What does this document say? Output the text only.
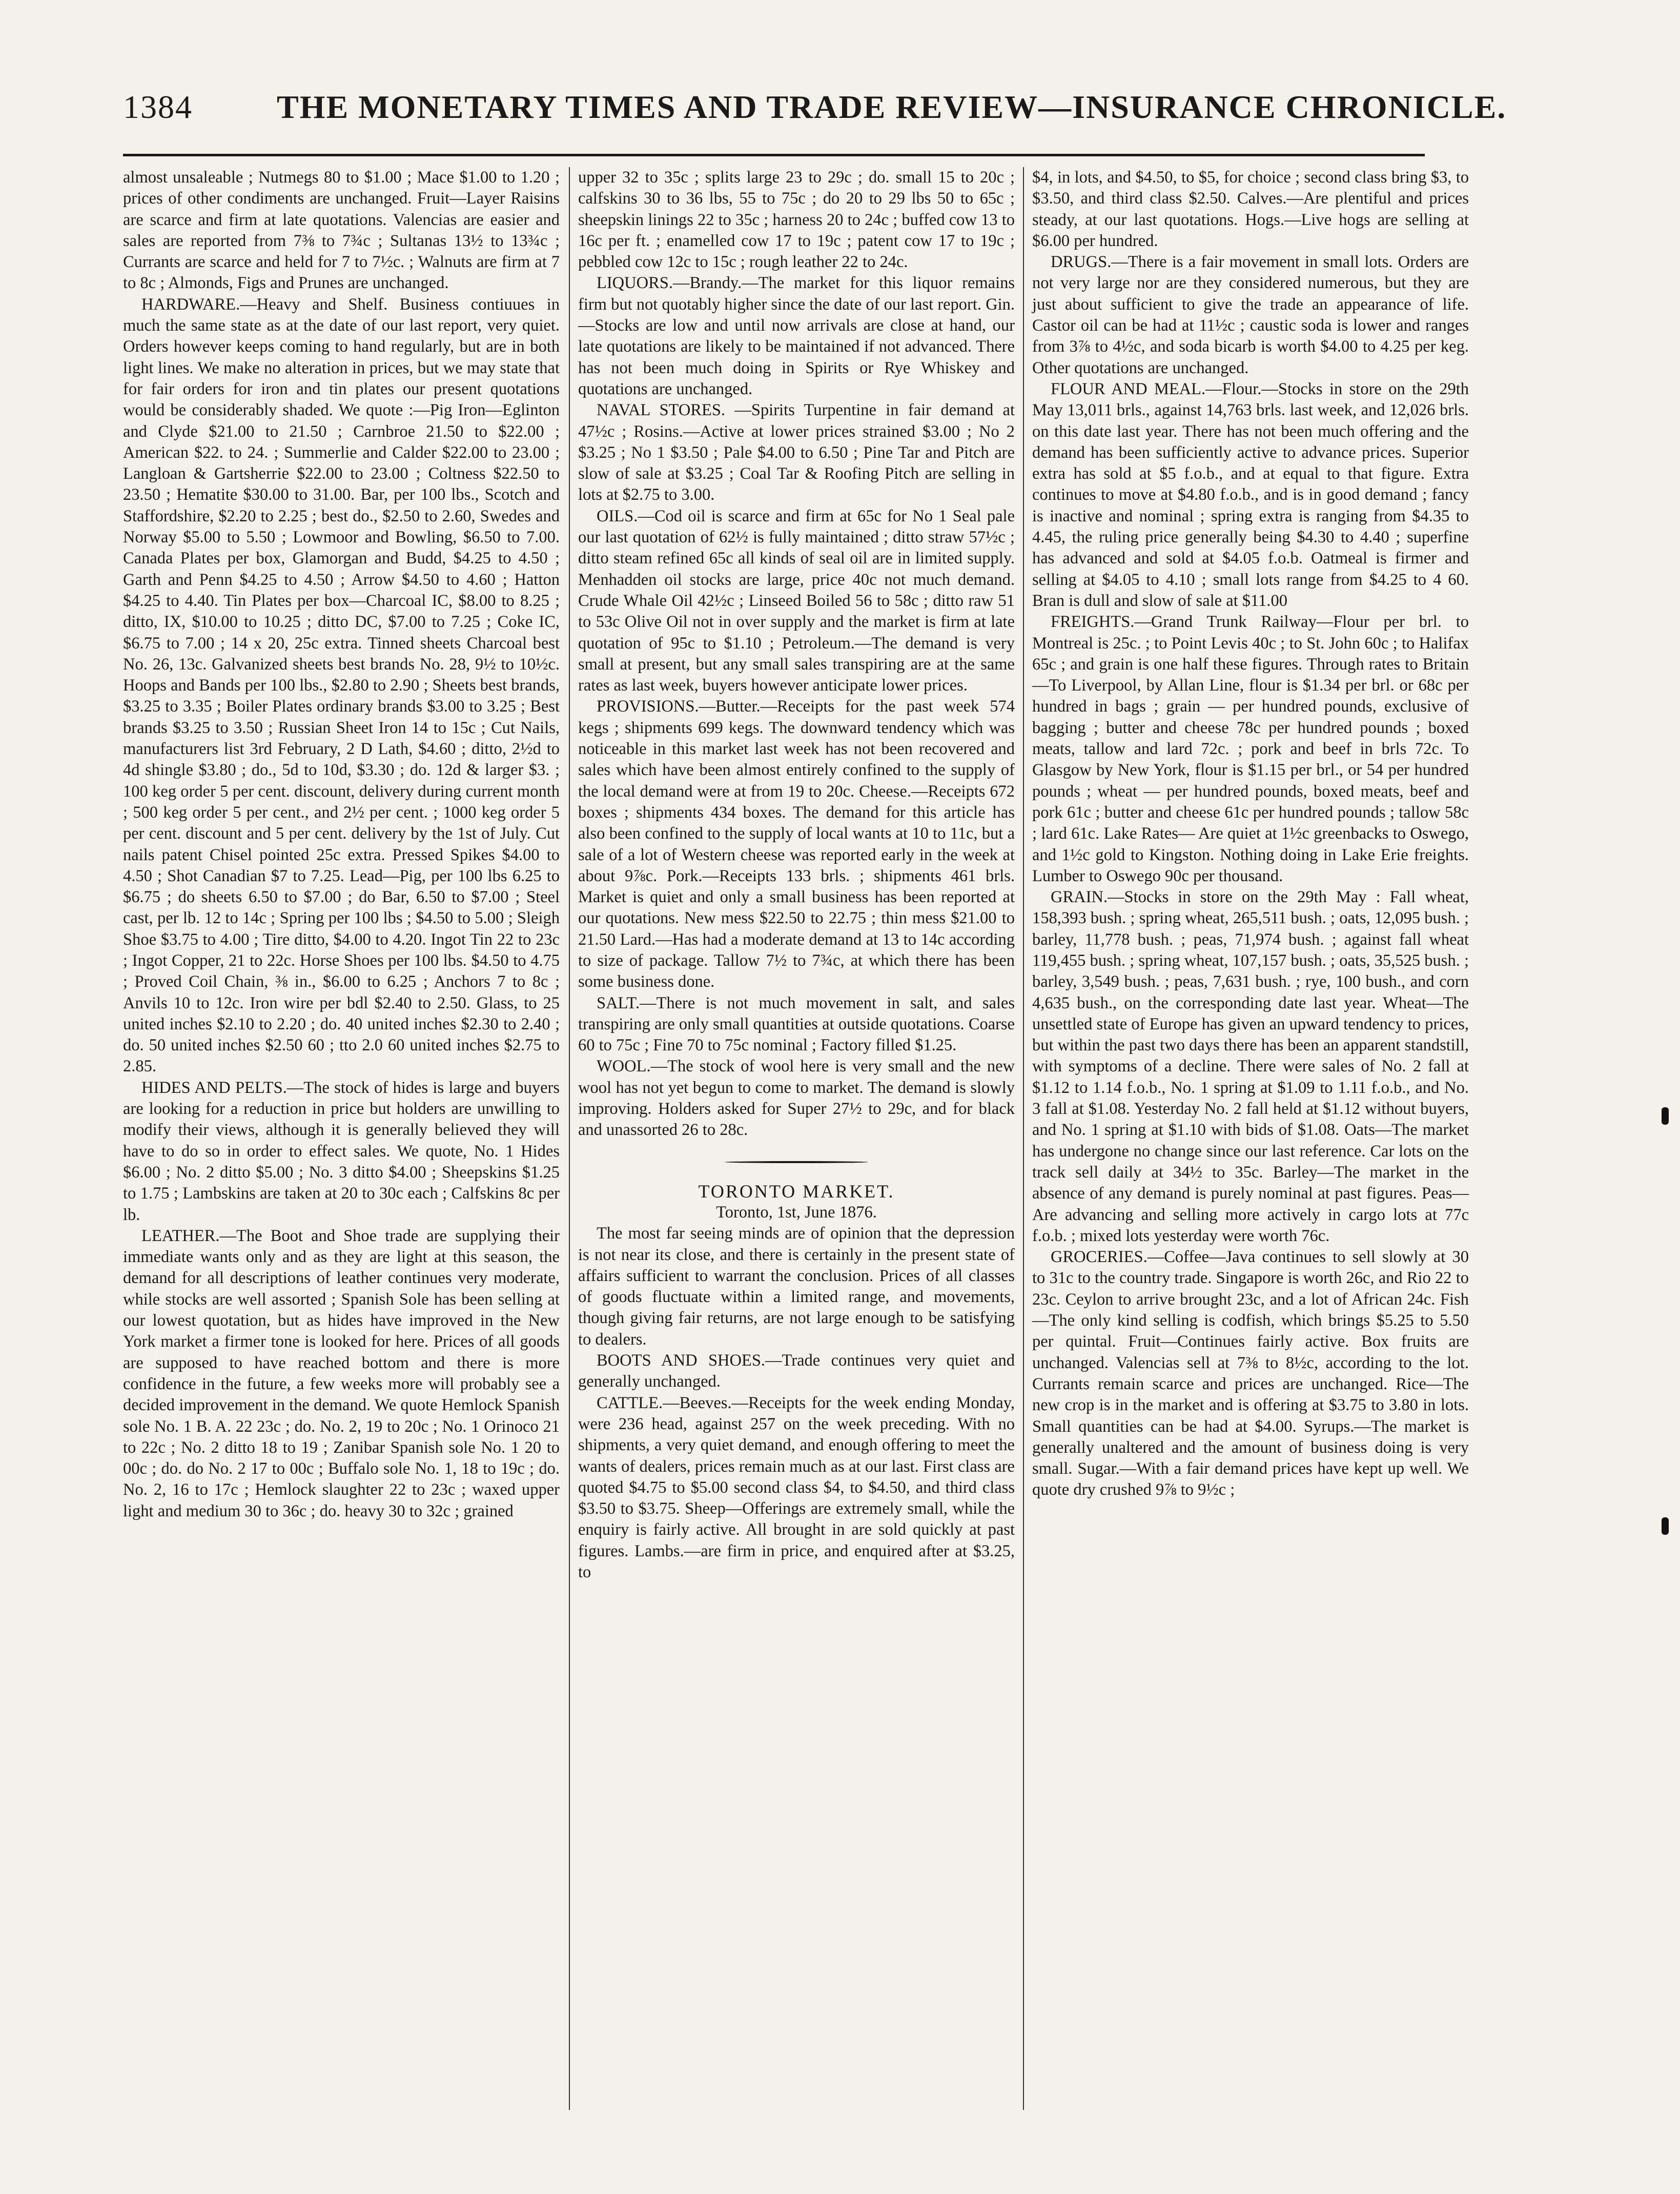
1384	THE MONETARY TIMES AND TRADE REVIEW—INSURANCE CHRONICLE.

almost unsaleable ; Nutmegs 80 to $1.00 ; Mace $1.00 to 1.20 ; prices of other condiments are unchanged. Fruit—Layer Raisins are scarce and firm at late quotations. Valencias are easier and sales are reported from 7⅜ to 7¾c ; Sultanas 13½ to 13¾c ; Currants are scarce and held for 7 to 7½c. ; Walnuts are firm at 7 to 8c ; Almonds, Figs and Prunes are unchanged.

HARDWARE.—Heavy and Shelf. Business contiuues in much the same state as at the date of our last report, very quiet. Orders however keeps coming to hand regularly, but are in both light lines. We make no alteration in prices, but we may state that for fair orders for iron and tin plates our present quotations would be considerably shaded. We quote :—Pig Iron—Eglinton and Clyde $21.00 to 21.50 ; Carnbroe 21.50 to $22.00 ; American $22. to 24. ; Summerlie and Calder $22.00 to 23.00 ; Langloan & Gartsherrie $22.00 to 23.00 ; Coltness $22.50 to 23.50 ; Hematite $30.00 to 31.00. Bar, per 100 lbs., Scotch and Staffordshire, $2.20 to 2.25 ; best do., $2.50 to 2.60, Swedes and Norway $5.00 to 5.50 ; Lowmoor and Bowling, $6.50 to 7.00. Canada Plates per box, Glamorgan and Budd, $4.25 to 4.50 ; Garth and Penn $4.25 to 4.50 ; Arrow $4.50 to 4.60 ; Hatton $4.25 to 4.40. Tin Plates per box—Charcoal IC, $8.00 to 8.25 ; ditto, IX, $10.00 to 10.25 ; ditto DC, $7.00 to 7.25 ; Coke IC, $6.75 to 7.00 ; 14 x 20, 25c extra. Tinned sheets Charcoal best No. 26, 13c. Galvanized sheets best brands No. 28, 9½ to 10½c. Hoops and Bands per 100 lbs., $2.80 to 2.90 ; Sheets best brands, $3.25 to 3.35 ; Boiler Plates ordinary brands $3.00 to 3.25 ; Best brands $3.25 to 3.50 ; Russian Sheet Iron 14 to 15c ; Cut Nails, manufacturers list 3rd February, 2 D Lath, $4.60 ; ditto, 2½d to 4d shingle $3.80 ; do., 5d to 10d, $3.30 ; do. 12d & larger $3. ; 100 keg order 5 per cent. discount, delivery during current month ; 500 keg order 5 per cent., and 2½ per cent. ; 1000 keg order 5 per cent. discount and 5 per cent. delivery by the 1st of July. Cut nails patent Chisel pointed 25c extra. Pressed Spikes $4.00 to 4.50 ; Shot Canadian $7 to 7.25. Lead—Pig, per 100 lbs 6.25 to $6.75 ; do sheets 6.50 to $7.00 ; do Bar, 6.50 to $7.00 ; Steel cast, per lb. 12 to 14c ; Spring per 100 lbs ; $4.50 to 5.00 ; Sleigh Shoe $3.75 to 4.00 ; Tire ditto, $4.00 to 4.20. Ingot Tin 22 to 23c ; Ingot Copper, 21 to 22c. Horse Shoes per 100 lbs. $4.50 to 4.75 ; Proved Coil Chain, ⅜ in., $6.00 to 6.25 ; Anchors 7 to 8c ; Anvils 10 to 12c. Iron wire per bdl $2.40 to 2.50. Glass, to 25 united inches $2.10 to 2.20 ; do. 40 united inches $2.30 to 2.40 ; do. 50 united inches $2.50 60 ; tto 2.0 60 united inches $2.75 to 2.85.

HIDES AND PELTS.—The stock of hides is large and buyers are looking for a reduction in price but holders are unwilling to modify their views, although it is generally believed they will have to do so in order to effect sales. We quote, No. 1 Hides $6.00 ; No. 2 ditto $5.00 ; No. 3 ditto $4.00 ; Sheepskins $1.25 to 1.75 ; Lambskins are taken at 20 to 30c each ; Calfskins 8c per lb.

LEATHER.—The Boot and Shoe trade are supplying their immediate wants only and as they are light at this season, the demand for all descriptions of leather continues very moderate, while stocks are well assorted ; Spanish Sole has been selling at our lowest quotation, but as hides have improved in the New York market a firmer tone is looked for here. Prices of all goods are supposed to have reached bottom and there is more confidence in the future, a few weeks more will probably see a decided improvement in the demand. We quote Hemlock Spanish sole No. 1 B. A. 22 23c ; do. No. 2, 19 to 20c ; No. 1 Orinoco 21 to 22c ; No. 2 ditto 18 to 19 ; Zanibar Spanish sole No. 1 20 to 00c ; do. do No. 2 17 to 00c ; Buffalo sole No. 1, 18 to 19c ; do. No. 2, 16 to 17c ; Hemlock slaughter 22 to 23c ; waxed upper light and medium 30 to 36c ; do. heavy 30 to 32c ; grained

upper 32 to 35c ; splits large 23 to 29c ; do. small 15 to 20c ; calfskins 30 to 36 lbs, 55 to 75c ; do 20 to 29 lbs 50 to 65c ; sheepskin linings 22 to 35c ; harness 20 to 24c ; buffed cow 13 to 16c per ft. ; enamelled cow 17 to 19c ; patent cow 17 to 19c ; pebbled cow 12c to 15c ; rough leather 22 to 24c.

LIQUORS.—Brandy.—The market for this liquor remains firm but not quotably higher since the date of our last report. Gin.—Stocks are low and until now arrivals are close at hand, our late quotations are likely to be maintained if not advanced. There has not been much doing in Spirits or Rye Whiskey and quotations are unchanged.

NAVAL STORES. —Spirits Turpentine in fair demand at 47½c ; Rosins.—Active at lower prices strained $3.00 ; No 2 $3.25 ; No 1 $3.50 ; Pale $4.00 to 6.50 ; Pine Tar and Pitch are slow of sale at $3.25 ; Coal Tar & Roofing Pitch are selling in lots at $2.75 to 3.00.

OILS.—Cod oil is scarce and firm at 65c for No 1 Seal pale our last quotation of 62½ is fully maintained ; ditto straw 57½c ; ditto steam refined 65c all kinds of seal oil are in limited supply. Menhadden oil stocks are large, price 40c not much demand. Crude Whale Oil 42½c ; Linseed Boiled 56 to 58c ; ditto raw 51 to 53c Olive Oil not in over supply and the market is firm at late quotation of 95c to $1.10 ; Petroleum.—The demand is very small at present, but any small sales transpiring are at the same rates as last week, buyers however anticipate lower prices.

PROVISIONS.—Butter.—Receipts for the past week 574 kegs ; shipments 699 kegs. The downward tendency which was noticeable in this market last week has not been recovered and sales which have been almost entirely confined to the supply of the local demand were at from 19 to 20c. Cheese.—Receipts 672 boxes ; shipments 434 boxes. The demand for this article has also been confined to the supply of local wants at 10 to 11c, but a sale of a lot of Western cheese was reported early in the week at about 9⅞c. Pork.—Receipts 133 brls. ; shipments 461 brls. Market is quiet and only a small business has been reported at our quotations. New mess $22.50 to 22.75 ; thin mess $21.00 to 21.50 Lard.—Has had a moderate demand at 13 to 14c according to size of package. Tallow 7½ to 7¾c, at which there has been some business done.

SALT.—There is not much movement in salt, and sales transpiring are only small quantities at outside quotations. Coarse 60 to 75c ; Fine 70 to 75c nominal ; Factory filled $1.25.

WOOL.—The stock of wool here is very small and the new wool has not yet begun to come to market. The demand is slowly improving. Holders asked for Super 27½ to 29c, and for black and unassorted 26 to 28c.

TORONTO MARKET.

Toronto, 1st, June 1876.

The most far seeing minds are of opinion that the depression is not near its close, and there is certainly in the present state of affairs sufficient to warrant the conclusion. Prices of all classes of goods fluctuate within a limited range, and movements, though giving fair returns, are not large enough to be satisfying to dealers.

BOOTS AND SHOES.—Trade continues very quiet and generally unchanged.

CATTLE.—Beeves.—Receipts for the week ending Monday, were 236 head, against 257 on the week preceding. With no shipments, a very quiet demand, and enough offering to meet the wants of dealers, prices remain much as at our last. First class are quoted $4.75 to $5.00 second class $4, to $4.50, and third class $3.50 to $3.75. Sheep—Offerings are extremely small, while the enquiry is fairly active. All brought in are sold quickly at past figures. Lambs.—are firm in price, and enquired after at $3.25, to

$4, in lots, and $4.50, to $5, for choice ; second class bring $3, to $3.50, and third class $2.50. Calves.—Are plentiful and prices steady, at our last quotations. Hogs.—Live hogs are selling at $6.00 per hundred.

DRUGS.—There is a fair movement in small lots. Orders are not very large nor are they considered numerous, but they are just about sufficient to give the trade an appearance of life. Castor oil can be had at 11½c ; caustic soda is lower and ranges from 3⅞ to 4½c, and soda bicarb is worth $4.00 to 4.25 per keg. Other quotations are unchanged.

FLOUR AND MEAL.—Flour.—Stocks in store on the 29th May 13,011 brls., against 14,763 brls. last week, and 12,026 brls. on this date last year. There has not been much offering and the demand has been sufficiently active to advance prices. Superior extra has sold at $5 f.o.b., and at equal to that figure. Extra continues to move at $4.80 f.o.b., and is in good demand ; fancy is inactive and nominal ; spring extra is ranging from $4.35 to 4.45, the ruling price generally being $4.30 to 4.40 ; superfine has advanced and sold at $4.05 f.o.b. Oatmeal is firmer and selling at $4.05 to 4.10 ; small lots range from $4.25 to 4 60. Bran is dull and slow of sale at $11.00

FREIGHTS.—Grand Trunk Railway—Flour per brl. to Montreal is 25c. ; to Point Levis 40c ; to St. John 60c ; to Halifax 65c ; and grain is one half these figures. Through rates to Britain —To Liverpool, by Allan Line, flour is $1.34 per brl. or 68c per hundred in bags ; grain — per hundred pounds, exclusive of bagging ; butter and cheese 78c per hundred pounds ; boxed meats, tallow and lard 72c. ; pork and beef in brls 72c. To Glasgow by New York, flour is $1.15 per brl., or 54 per hundred pounds ; wheat — per hundred pounds, boxed meats, beef and pork 61c ; butter and cheese 61c per hundred pounds ; tallow 58c ; lard 61c. Lake Rates— Are quiet at 1½c greenbacks to Oswego, and 1½c gold to Kingston. Nothing doing in Lake Erie freights. Lumber to Oswego 90c per thousand.

GRAIN.—Stocks in store on the 29th May : Fall wheat, 158,393 bush. ; spring wheat, 265,511 bush. ; oats, 12,095 bush. ; barley, 11,778 bush. ; peas, 71,974 bush. ; against fall wheat 119,455 bush. ; spring wheat, 107,157 bush. ; oats, 35,525 bush. ; barley, 3,549 bush. ; peas, 7,631 bush. ; rye, 100 bush., and corn 4,635 bush., on the corresponding date last year. Wheat—The unsettled state of Europe has given an upward tendency to prices, but within the past two days there has been an apparent standstill, with symptoms of a decline. There were sales of No. 2 fall at $1.12 to 1.14 f.o.b., No. 1 spring at $1.09 to 1.11 f.o.b., and No. 3 fall at $1.08. Yesterday No. 2 fall held at $1.12 without buyers, and No. 1 spring at $1.10 with bids of $1.08. Oats—The market has undergone no change since our last reference. Car lots on the track sell daily at 34½ to 35c. Barley—The market in the absence of any demand is purely nominal at past figures. Peas—Are advancing and selling more actively in cargo lots at 77c f.o.b. ; mixed lots yesterday were worth 76c.

GROCERIES.—Coffee—Java continues to sell slowly at 30 to 31c to the country trade. Singapore is worth 26c, and Rio 22 to 23c. Ceylon to arrive brought 23c, and a lot of African 24c. Fish—The only kind selling is codfish, which brings $5.25 to 5.50 per quintal. Fruit—Continues fairly active. Box fruits are unchanged. Valencias sell at 7⅜ to 8½c, according to the lot. Currants remain scarce and prices are unchanged. Rice—The new crop is in the market and is offering at $3.75 to 3.80 in lots. Small quantities can be had at $4.00. Syrups.—The market is generally unaltered and the amount of business doing is very small. Sugar.—With a fair demand prices have kept up well. We quote dry crushed 9⅞ to 9½c ;
